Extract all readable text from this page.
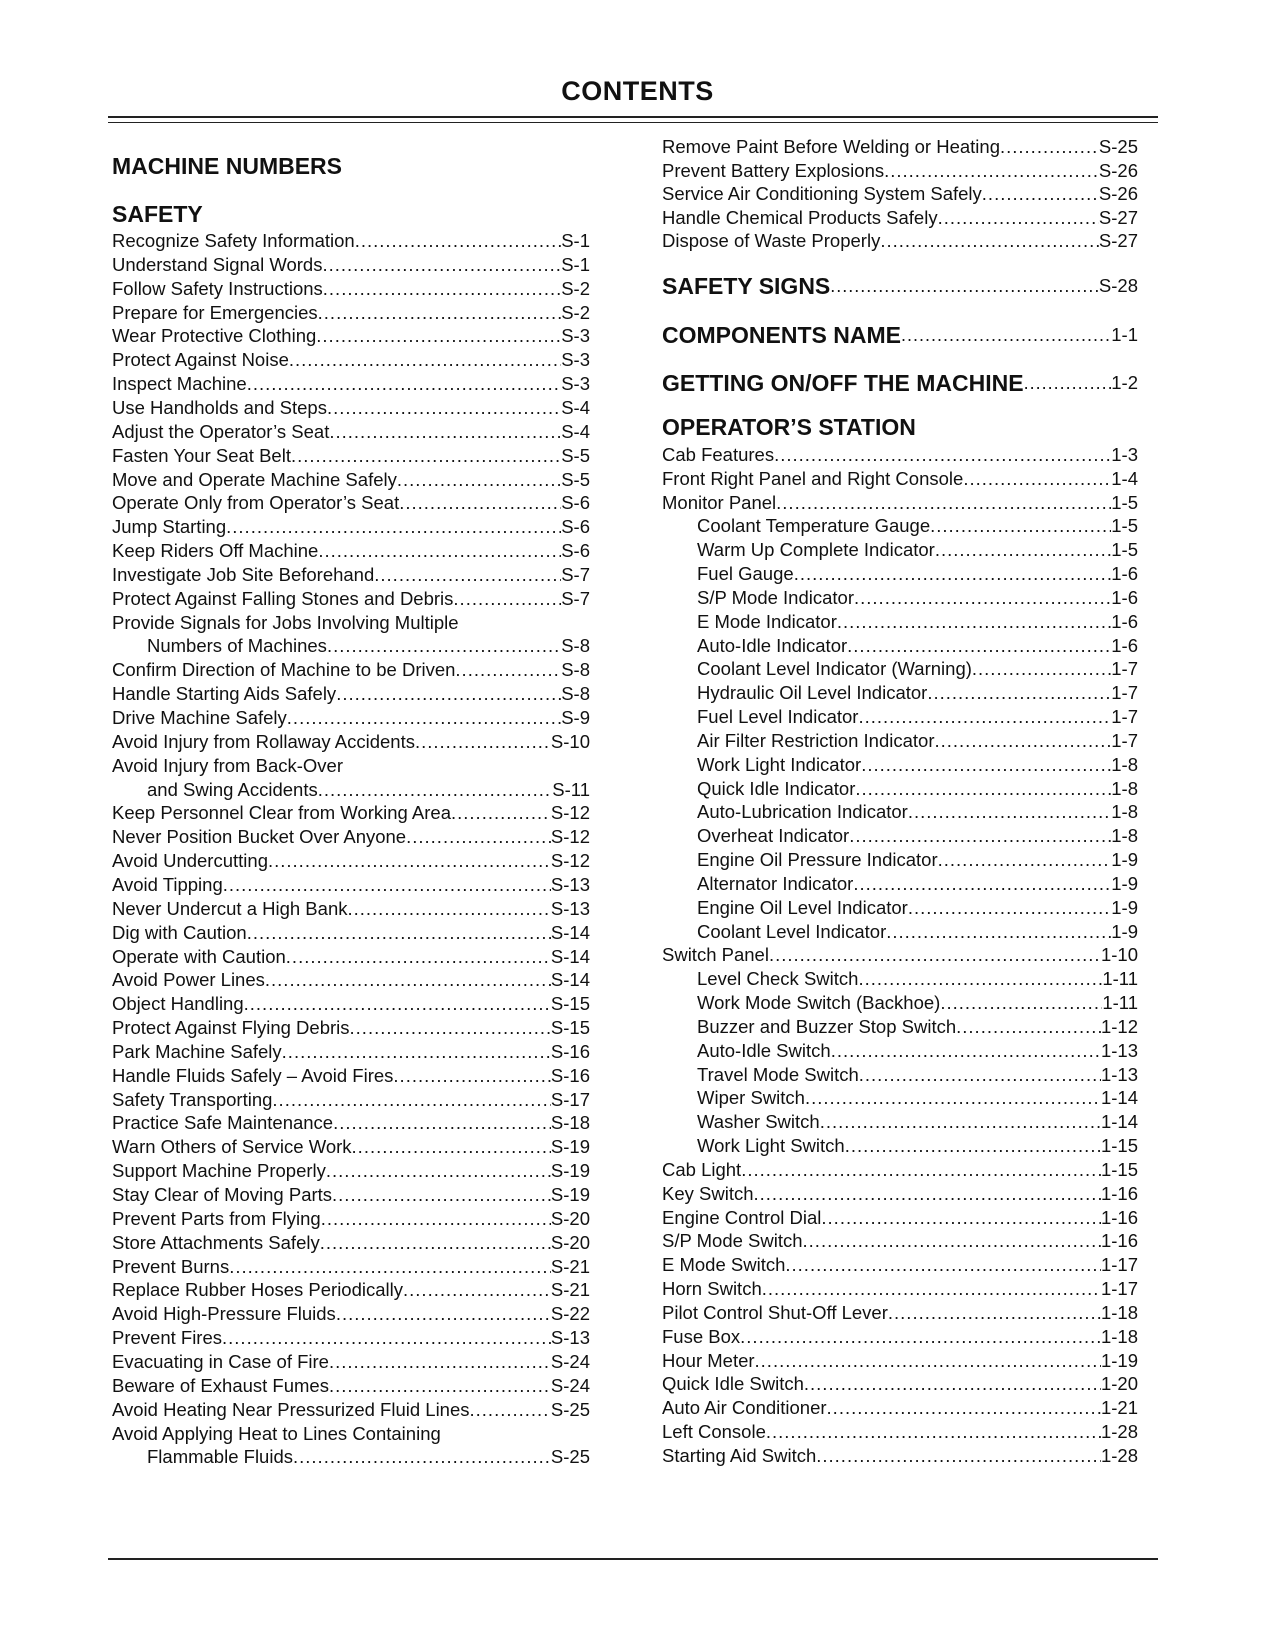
CONTENTS
MACHINE NUMBERS
SAFETY
Recognize Safety Information .....	S-1
Understand Signal Words .....	S-1
Follow Safety Instructions .....	S-2
Prepare for Emergencies .....	S-2
Wear Protective Clothing .....	S-3
Protect Against Noise .....	S-3
Inspect Machine .....	S-3
Use Handholds and Steps .....	S-4
Adjust the Operator’s Seat .....	S-4
Fasten Your Seat Belt .....	S-5
Move and Operate Machine Safely .....	S-5
Operate Only from Operator’s Seat .....	S-6
Jump Starting .....	S-6
Keep Riders Off Machine .....	S-6
Investigate Job Site Beforehand .....	S-7
Protect Against Falling Stones and Debris .....	S-7
Provide Signals for Jobs Involving Multiple
Numbers of Machines .....	S-8
Confirm Direction of Machine to be Driven .....	S-8
Handle Starting Aids Safely .....	S-8
Drive Machine Safely .....	S-9
Avoid Injury from Rollaway Accidents .....	S-10
Avoid Injury from Back-Over
and Swing Accidents .....	S-11
Keep Personnel Clear from Working Area .....	S-12
Never Position Bucket Over Anyone .....	S-12
Avoid Undercutting .....	S-12
Avoid Tipping .....	S-13
Never Undercut a High Bank .....	S-13
Dig with Caution .....	S-14
Operate with Caution .....	S-14
Avoid Power Lines .....	S-14
Object Handling .....	S-15
Protect Against Flying Debris .....	S-15
Park Machine Safely .....	S-16
Handle Fluids Safely – Avoid Fires .....	S-16
Safety Transporting .....	S-17
Practice Safe Maintenance .....	S-18
Warn Others of Service Work .....	S-19
Support Machine Properly .....	S-19
Stay Clear of Moving Parts .....	S-19
Prevent Parts from Flying .....	S-20
Store Attachments Safely .....	S-20
Prevent Burns .....	S-21
Replace Rubber Hoses Periodically .....	S-21
Avoid High-Pressure Fluids .....	S-22
Prevent Fires .....	S-13
Evacuating in Case of Fire .....	S-24
Beware of Exhaust Fumes .....	S-24
Avoid Heating Near Pressurized Fluid Lines .....	S-25
Avoid Applying Heat to Lines Containing
Flammable Fluids .....	S-25
Remove Paint Before Welding or Heating .....	S-25
Prevent Battery Explosions .....	S-26
Service Air Conditioning System Safely .....	S-26
Handle Chemical Products Safely .....	S-27
Dispose of Waste Properly .....	S-27
SAFETY SIGNS .....	S-28
COMPONENTS NAME .....	1-1
GETTING ON/OFF THE MACHINE .....	1-2
OPERATOR’S STATION
Cab Features .....	1-3
Front Right Panel and Right Console .....	1-4
Monitor Panel .....	1-5
Coolant Temperature Gauge .....	1-5
Warm Up Complete Indicator .....	1-5
Fuel Gauge .....	1-6
S/P Mode Indicator .....	1-6
E Mode Indicator .....	1-6
Auto-Idle Indicator .....	1-6
Coolant Level Indicator (Warning) .....	1-7
Hydraulic Oil Level Indicator .....	1-7
Fuel Level Indicator .....	1-7
Air Filter Restriction Indicator .....	1-7
Work Light Indicator .....	1-8
Quick Idle Indicator .....	1-8
Auto-Lubrication Indicator .....	1-8
Overheat Indicator .....	1-8
Engine Oil Pressure Indicator .....	1-9
Alternator Indicator .....	1-9
Engine Oil Level Indicator .....	1-9
Coolant Level Indicator .....	1-9
Switch Panel .....	1-10
Level Check Switch .....	1-11
Work Mode Switch (Backhoe) .....	1-11
Buzzer and Buzzer Stop Switch .....	1-12
Auto-Idle Switch .....	1-13
Travel Mode Switch .....	1-13
Wiper Switch .....	1-14
Washer Switch .....	1-14
Work Light Switch .....	1-15
Cab Light .....	1-15
Key Switch .....	1-16
Engine Control Dial .....	1-16
S/P Mode Switch .....	1-16
E Mode Switch .....	1-17
Horn Switch .....	1-17
Pilot Control Shut-Off Lever .....	1-18
Fuse Box .....	1-18
Hour Meter .....	1-19
Quick Idle Switch .....	1-20
Auto Air Conditioner .....	1-21
Left Console .....	1-28
Starting Aid Switch .....	1-28
